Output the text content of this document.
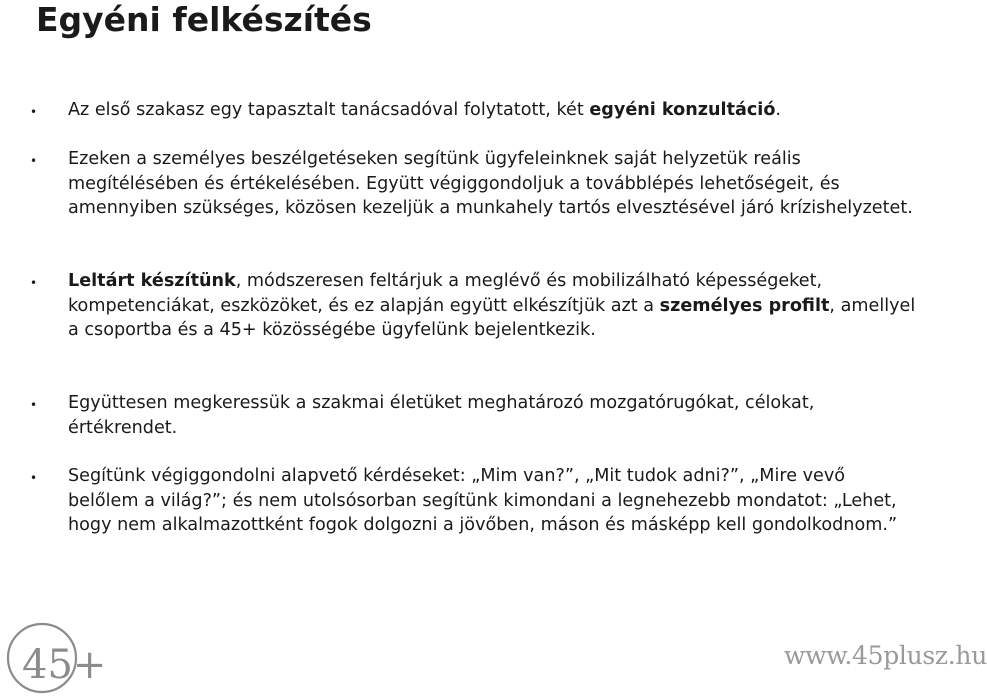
Egyéni felkészítés
• Az első szakasz egy tapasztalt tanácsadóval folytatott, két egyéni konzultáció.
• Ezeken a személyes beszélgetéseken segítünk ügyfeleinknek saját helyzetük reális megítélésében és értékelésében. Együtt végiggondoljuk a továbblépés lehetőségeit, és amennyiben szükséges, közösen kezeljük a munkahely tartós elvesztésével járó krízishelyzetet.
• Leltárt készítünk, módszeresen feltárjuk a meglévő és mobilizálható képességeket, kompetenciákat, eszközöket, és ez alapján együtt elkészítjük azt a személyes profilt, amellyel a csoportba és a 45+ közösségébe ügyfelünk bejelentkezik.
• Együttesen megkeressük a szakmai életüket meghatározó mozgatórugókat, célokat, értékrendet.
• Segítünk végiggondolni alapvető kérdéseket: „Mim van?”, „Mit tudok adni?”, „Mire vevő belőlem a világ?”; és nem utolsósorban segítünk kimondani a legnehezebb mondatot: „Lehet, hogy nem alkalmazottként fogok dolgozni a jövőben, máson és másképp kell gondolkodnom.”
45+	www.45plusz.hu
